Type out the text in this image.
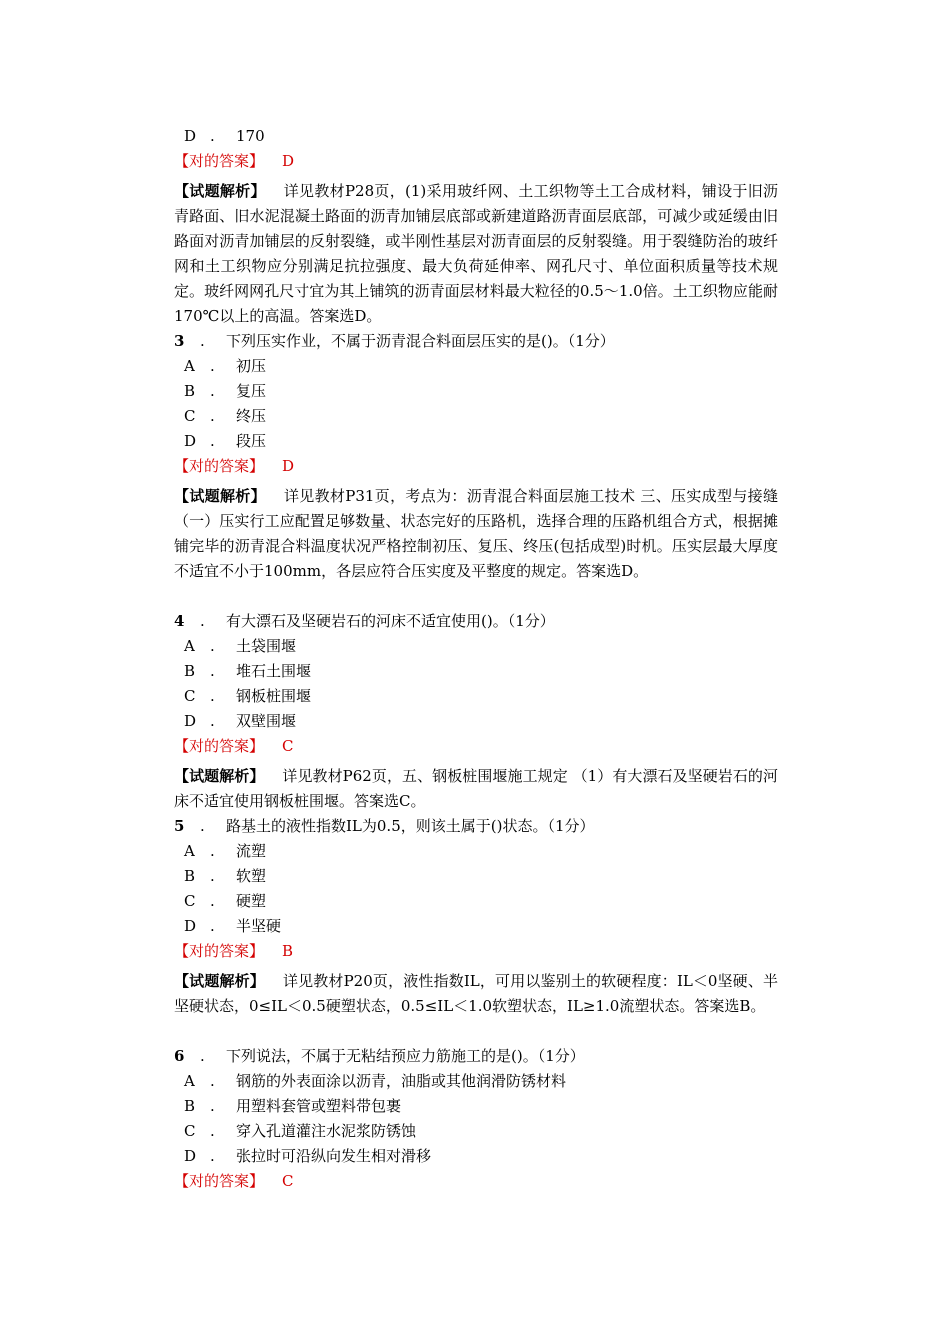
D . 170
【对的答案】 D
【试题解析】 详见教材P28页，(1)采用玻纤网、土工织物等土工合成材料，铺设于旧沥青路面、旧水泥混凝土路面的沥青加铺层底部或新建道路沥青面层底部，可减少或延缓由旧路面对沥青加铺层的反射裂缝，或半刚性基层对沥青面层的反射裂缝。用于裂缝防治的玻纤网和土工织物应分别满足抗拉强度、最大负荷延伸率、网孔尺寸、单位面积质量等技术规定。玻纤网网孔尺寸宜为其上铺筑的沥青面层材料最大粒径的0.5～1.0倍。土工织物应能耐170℃以上的高温。答案选D。
3 . 下列压实作业，不属于沥青混合料面层压实的是()。（1分）
A . 初压
B . 复压
C . 终压
D . 段压
【对的答案】 D
【试题解析】 详见教材P31页，考点为：沥青混合料面层施工技术 三、压实成型与接缝（一）压实行工应配置足够数量、状态完好的压路机，选择合理的压路机组合方式，根据摊铺完毕的沥青混合料温度状况严格控制初压、复压、终压(包括成型)时机。压实层最大厚度不适宜不小于100mm，各层应符合压实度及平整度的规定。答案选D。
4 . 有大漂石及坚硬岩石的河床不适宜使用()。（1分）
A . 土袋围堰
B . 堆石土围堰
C . 钢板桩围堰
D . 双壁围堰
【对的答案】 C
【试题解析】 详见教材P62页，五、钢板桩围堰施工规定 （1）有大漂石及坚硬岩石的河床不适宜使用钢板桩围堰。答案选C。
5 . 路基土的液性指数IL为0.5，则该土属于()状态。（1分）
A . 流塑
B . 软塑
C . 硬塑
D . 半坚硬
【对的答案】 B
【试题解析】 详见教材P20页，液性指数IL，可用以鉴别土的软硬程度：IL＜0坚硬、半坚硬状态，0≤IL＜0.5硬塑状态，0.5≤IL＜1.0软塑状态，IL≥1.0流塑状态。答案选B。
6 . 下列说法，不属于无粘结预应力筋施工的是()。（1分）
A . 钢筋的外表面涂以沥青，油脂或其他润滑防锈材料
B . 用塑料套管或塑料带包裹
C . 穿入孔道灌注水泥浆防锈蚀
D . 张拉时可沿纵向发生相对滑移
【对的答案】 C
